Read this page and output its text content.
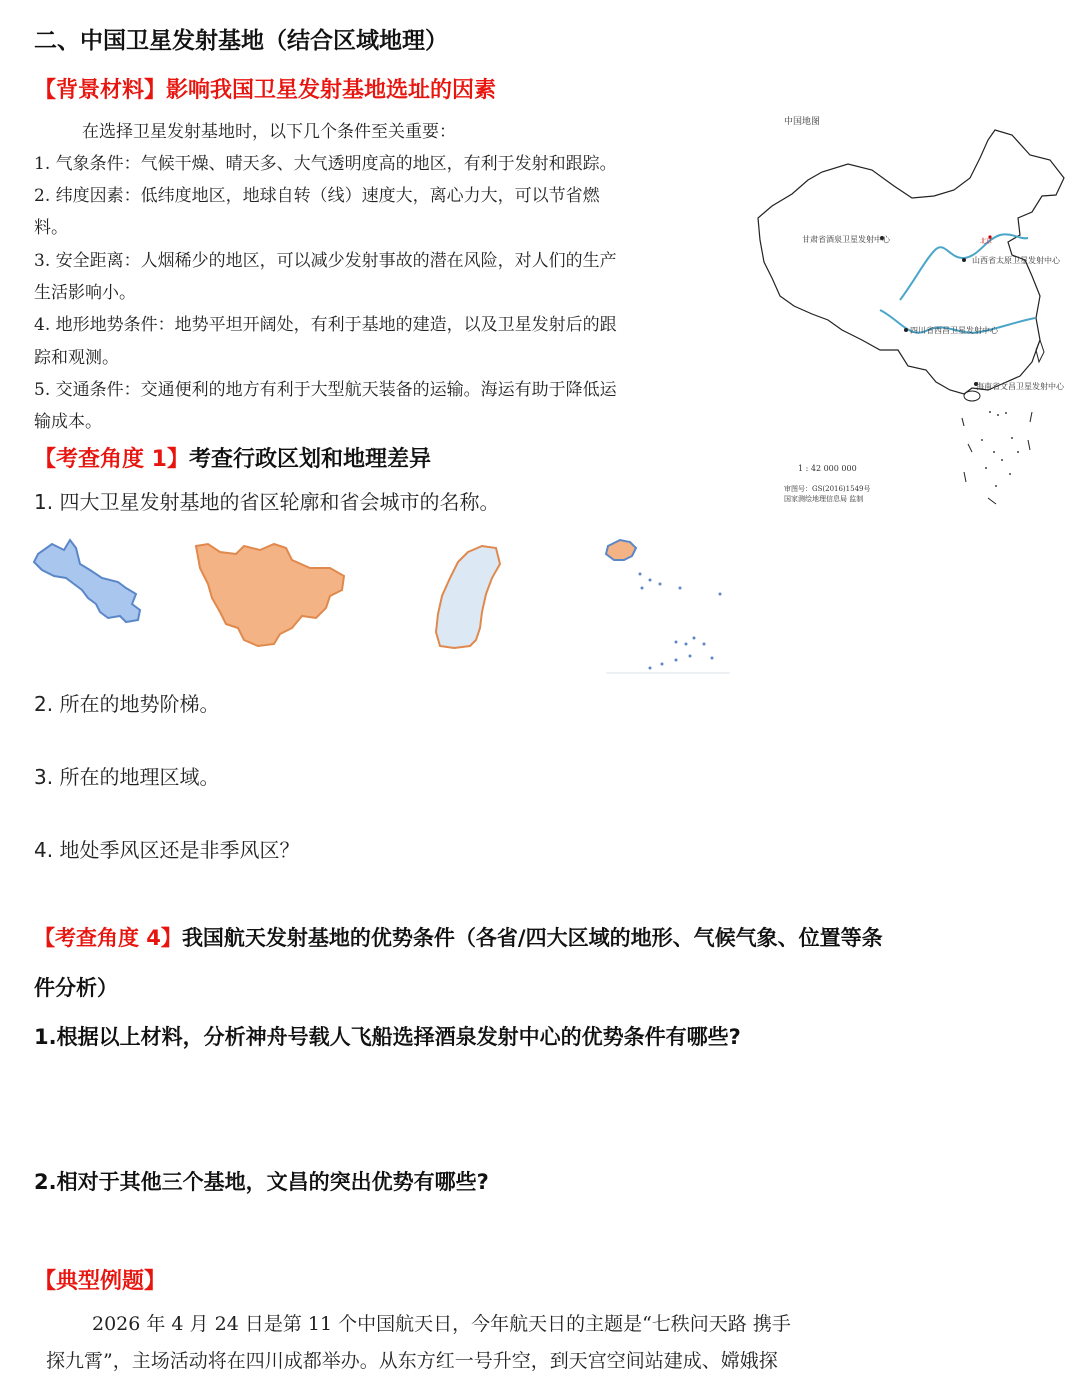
二、中国卫星发射基地（结合区域地理）
【背景材料】影响我国卫星发射基地选址的因素
在选择卫星发射基地时，以下几个条件至关重要：
1. 气象条件：气候干燥、晴天多、大气透明度高的地区，有利于发射和跟踪。
2. 纬度因素：低纬度地区，地球自转（线）速度大，离心力大，可以节省燃
料。
3. 安全距离：人烟稀少的地区，可以减少发射事故的潜在风险，对人们的生产
生活影响小。
4. 地形地势条件：地势平坦开阔处，有利于基地的建造，以及卫星发射后的跟
踪和观测。
5. 交通条件：交通便利的地方有利于大型航天装备的运输。海运有助于降低运
输成本。
中国地图
甘肃省酒泉卫星发射中心
山西省太原卫星发射中心
四川省西昌卫星发射中心
海南省文昌卫星发射中心
北京
1 : 42 000 000
审图号：GS(2016)1549号
国家测绘地理信息局 监制
【考查角度 1】考查行政区划和地理差异
1. 四大卫星发射基地的省区轮廓和省会城市的名称。
2. 所在的地势阶梯。
3. 所在的地理区域。
4. 地处季风区还是非季风区？
【考查角度 4】我国航天发射基地的优势条件（各省/四大区域的地形、气候气象、位置等条
件分析）
1.根据以上材料，分析神舟号载人飞船选择酒泉发射中心的优势条件有哪些?
2.相对于其他三个基地，文昌的突出优势有哪些?
【典型例题】
2026 年 4 月 24 日是第 11 个中国航天日，今年航天日的主题是“七秩问天路 携手
探九霄”，主场活动将在四川成都举办。从东方红一号升空，到天宫空间站建成、嫦娥探
